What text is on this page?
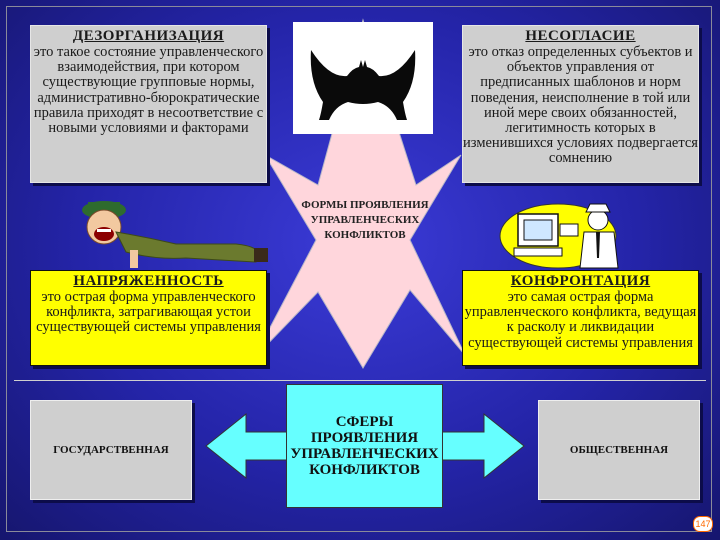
ДЕЗОРГАНИЗАЦИЯ
это такое состояние управленческого взаимодействия, при котором существующие групповые нормы, административно-бюрократические правила приходят в несоответствие с новыми условиями и факторами
НЕСОГЛАСИЕ
это отказ определенных субъектов и объектов управления от предписанных шаблонов и норм поведения, неисполнение в той или иной мере своих обязанностей, легитимность которых в изменившихся условиях подвергается сомнению
ФОРМЫ ПРОЯВЛЕНИЯ УПРАВЛЕНЧЕСКИХ КОНФЛИКТОВ
НАПРЯЖЕННОСТЬ
это острая форма управленческого конфликта, затрагивающая устои существующей системы управления
КОНФРОНТАЦИЯ
это самая острая форма управленческого конфликта, ведущая к расколу и ликвидации существующей системы управления
СФЕРЫ ПРОЯВЛЕНИЯ УПРАВЛЕНЧЕСКИХ КОНФЛИКТОВ
ГОСУДАРСТВЕННАЯ	ОБЩЕСТВЕННАЯ
147
